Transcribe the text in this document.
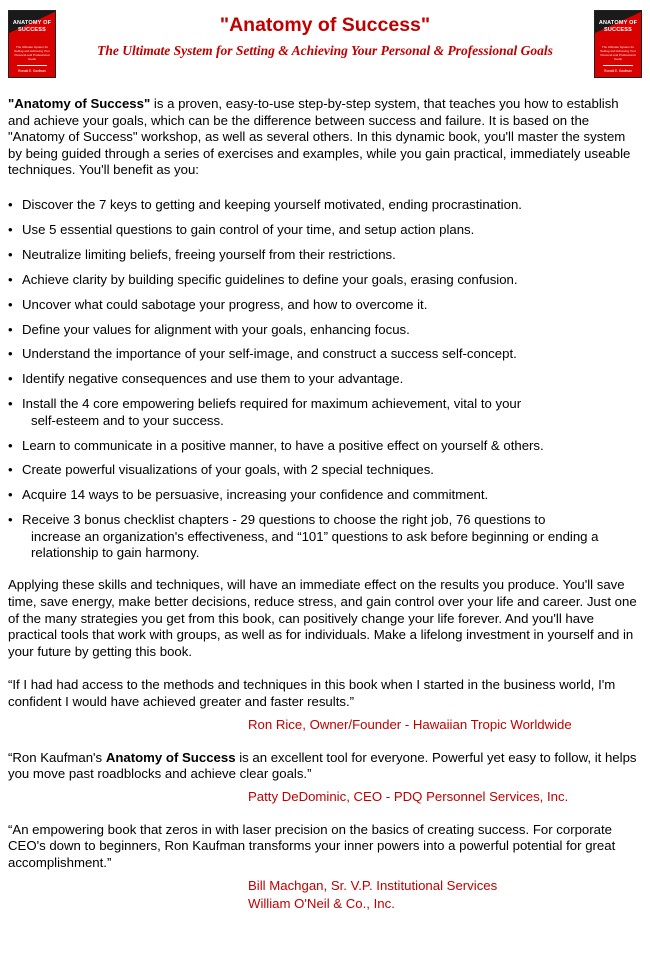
ANATOMY OF SUCCESS
The Ultimate System for Setting and Achieving Your Personal and Professional Goals
Ronald E. Kaufman
"Anatomy of Success"
The Ultimate System for Setting & Achieving Your Personal & Professional Goals
ANATOMY OF SUCCESS
The Ultimate System for Setting and Achieving Your Personal and Professional Goals
Ronald E. Kaufman

"Anatomy of Success" is a proven, easy-to-use step-by-step system, that teaches you how to establish and achieve your goals, which can be the difference between success and failure. It is based on the "Anatomy of Success" workshop, as well as several others. In this dynamic book, you'll master the system by being guided through a series of exercises and examples, while you gain practical, immediately useable techniques. You'll benefit as you:

• Discover the 7 keys to getting and keeping yourself motivated, ending procrastination.
• Use 5 essential questions to gain control of your time, and setup action plans.
• Neutralize limiting beliefs, freeing yourself from their restrictions.
• Achieve clarity by building specific guidelines to define your goals, erasing confusion.
• Uncover what could sabotage your progress, and how to overcome it.
• Define your values for alignment with your goals, enhancing focus.
• Understand the importance of your self-image, and construct a success self-concept.
• Identify negative consequences and use them to your advantage.
• Install the 4 core empowering beliefs required for maximum achievement, vital to your
self-esteem and to your success.
• Learn to communicate in a positive manner, to have a positive effect on yourself & others.
• Create powerful visualizations of your goals, with 2 special techniques.
• Acquire 14 ways to be persuasive, increasing your confidence and commitment.
• Receive 3 bonus checklist chapters - 29 questions to choose the right job, 76 questions to
increase an organization's effectiveness, and “101” questions to ask before beginning or ending a relationship to gain harmony.

Applying these skills and techniques, will have an immediate effect on the results you produce. You'll save time, save energy, make better decisions, reduce stress, and gain control over your life and career. Just one of the many strategies you get from this book, can positively change your life forever. And you'll have practical tools that work with groups, as well as for individuals. Make a lifelong investment in yourself and in your future by getting this book.

“If I had had access to the methods and techniques in this book when I started in the business world, I'm confident I would have achieved greater and faster results.”

Ron Rice, Owner/Founder - Hawaiian Tropic Worldwide

“Ron Kaufman's Anatomy of Success is an excellent tool for everyone. Powerful yet easy to follow, it helps you move past roadblocks and achieve clear goals.”

Patty DeDominic, CEO - PDQ Personnel Services, Inc.

“An empowering book that zeros in with laser precision on the basics of creating success. For corporate CEO's down to beginners, Ron Kaufman transforms your inner powers into a powerful potential for great accomplishment.”

Bill Machgan, Sr. V.P. Institutional Services

William O'Neil & Co., Inc.
